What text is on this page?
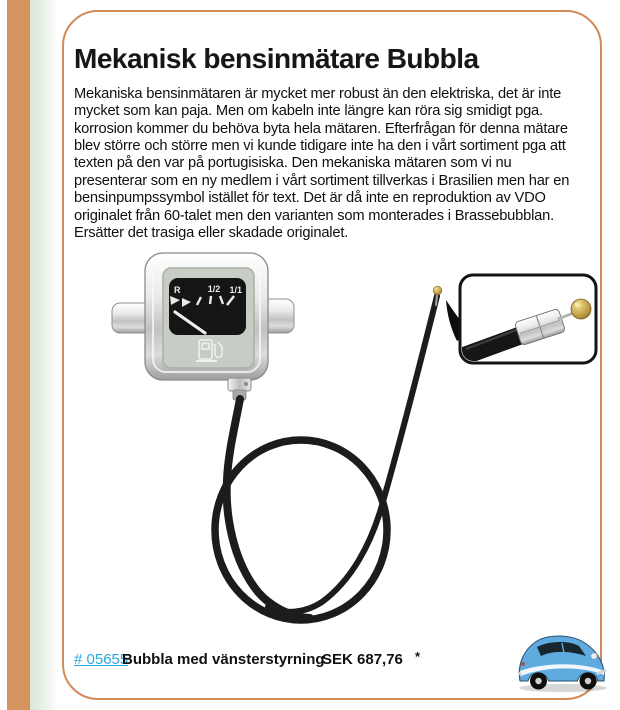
Mekanisk bensinmätare Bubbla

Mekaniska bensinmätaren är mycket mer robust än den elektriska, det är inte mycket som kan paja. Men om kabeln inte längre kan röra sig smidigt pga. korrosion kommer du behöva byta hela mätaren. Efterfrågan för denna mätare blev större och större men vi kunde tidigare inte ha den i vårt sortiment pga att texten på den var på portugisiska. Den mekaniska mätaren som vi nu presenterar som en ny medlem i vårt sortiment tillverkas i Brasilien men har en bensinpumpssymbol istället för text. Det är då inte en reproduktion av VDO originalet från 60-talet men den varianten som monterades i Brassebubblan. Ersätter det trasiga eller skadade originalet.

R	1/2 1/1
# 05655
Bubbla med vänsterstyrning
SEK 687,76 *
